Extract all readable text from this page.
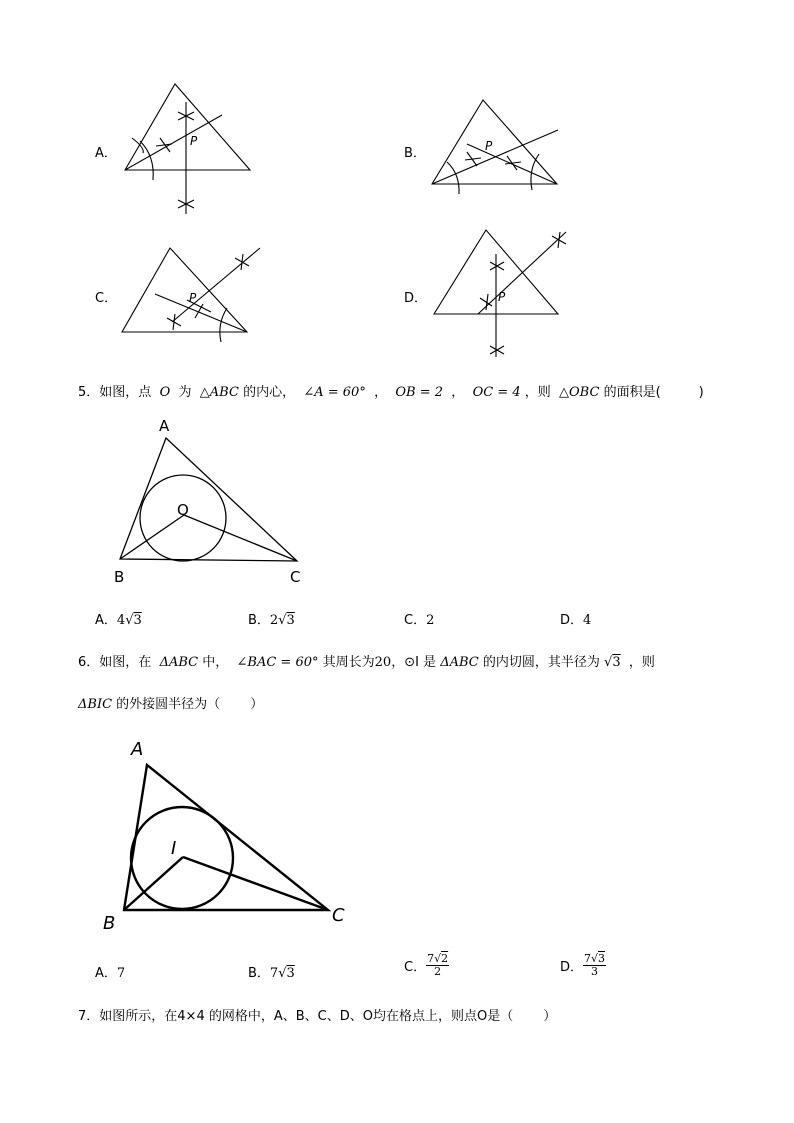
A．
P
B．	P
C．	P	D．	P
5．如图，点 O 为 △ABC 的内心， ∠A = 60° ， OB = 2 ， OC = 4 ，则 △OBC 的面积是(	)
A
O
B	C
A．4√3	B．2√3	C．2	D．4
6．如图，在 ΔABC 中， ∠BAC = 60° 其周长为20，⊙I 是 ΔABC 的内切圆，其半径为 √3 ，则
ΔBIC 的外接圆半径为（ ）
A
I
B	C
A．7	B．7√3	C． $\frac{7√2}{2}$	D． $\frac{7√3}{3}$
7．如图所示，在4×4 的网格中，A、B、C、D、O均在格点上，则点O是（ ）
